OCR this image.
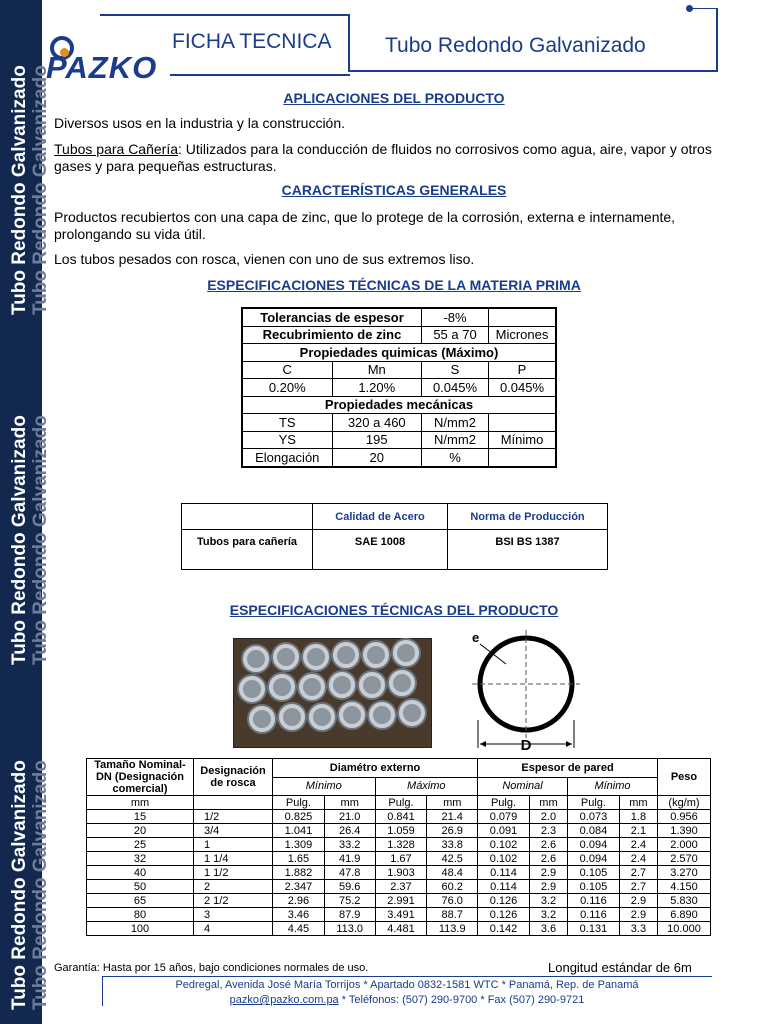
Tubo Redondo Galvanizado
Tubo Redondo Galvanizado
Tubo Redondo Galvanizado
Tubo Redondo Galvanizado
Tubo Redondo Galvanizado
Tubo Redondo Galvanizado
PAZKO
FICHA TECNICA	Tubo Redondo Galvanizado
APLICACIONES DEL PRODUCTO
Diversos usos en la industria y la construcción.
Tubos para Cañería: Utilizados para la conducción de fluidos no corrosivos como agua, aire, vapor y otros gases y para pequeñas estructuras.
CARACTERÍSTICAS GENERALES
Productos recubiertos con una capa de zinc, que lo protege de la corrosión, externa e internamente, prolongando su vida útil.
Los tubos pesados con rosca, vienen con uno de sus extremos liso.
ESPECIFICACIONES TÉCNICAS DE LA MATERIA PRIMA
Tolerancias de espesor		-8%	
Recubrimiento de zinc		55 a 70	Micrones
Propiedades quimicas (Máximo)			
C	Mn	S	P
0.20%	1.20%	0.045%	0.045%
Propiedades mecánicas			
TS	320 a 460	N/mm2	
YS	195	N/mm2	Mínimo
Elongación	20	%	
	Calidad de Acero	Norma de Producción
Tubos para cañería	SAE 1008	BSI BS 1387
ESPECIFICACIONES TÉCNICAS DEL PRODUCTO
e
D
Tamaño Nominal-DN (Designación comercial)	Designación de rosca	Diamétro externo				Espesor de pared				Peso
		Mínimo		Máximo		Nominal		Mínimo		
mm		Pulg.	mm	Pulg.	mm	Pulg.	mm	Pulg.	mm	(kg/m)
15	1/2	0.825	21.0	0.841	21.4	0.079	2.0	0.073	1.8	0.956
20	3/4	1.041	26.4	1.059	26.9	0.091	2.3	0.084	2.1	1.390
25	1	1.309	33.2	1.328	33.8	0.102	2.6	0.094	2.4	2.000
32	1 1/4	1.65	41.9	1.67	42.5	0.102	2.6	0.094	2.4	2.570
40	1 1/2	1.882	47.8	1.903	48.4	0.114	2.9	0.105	2.7	3.270
50	2	2.347	59.6	2.37	60.2	0.114	2.9	0.105	2.7	4.150
65	2 1/2	2.96	75.2	2.991	76.0	0.126	3.2	0.116	2.9	5.830
80	3	3.46	87.9	3.491	88.7	0.126	3.2	0.116	2.9	6.890
100	4	4.45	113.0	4.481	113.9	0.142	3.6	0.131	3.3	10.000
Garantía: Hasta por 15 años, bajo condiciones normales de uso.	Longitud estándar de 6m
Pedregal, Avenida José María Torrijos * Apartado 0832-1581 WTC * Panamá, Rep. de Panamá
pazko@pazko.com.pa * Teléfonos: (507) 290-9700 * Fax (507) 290-9721
